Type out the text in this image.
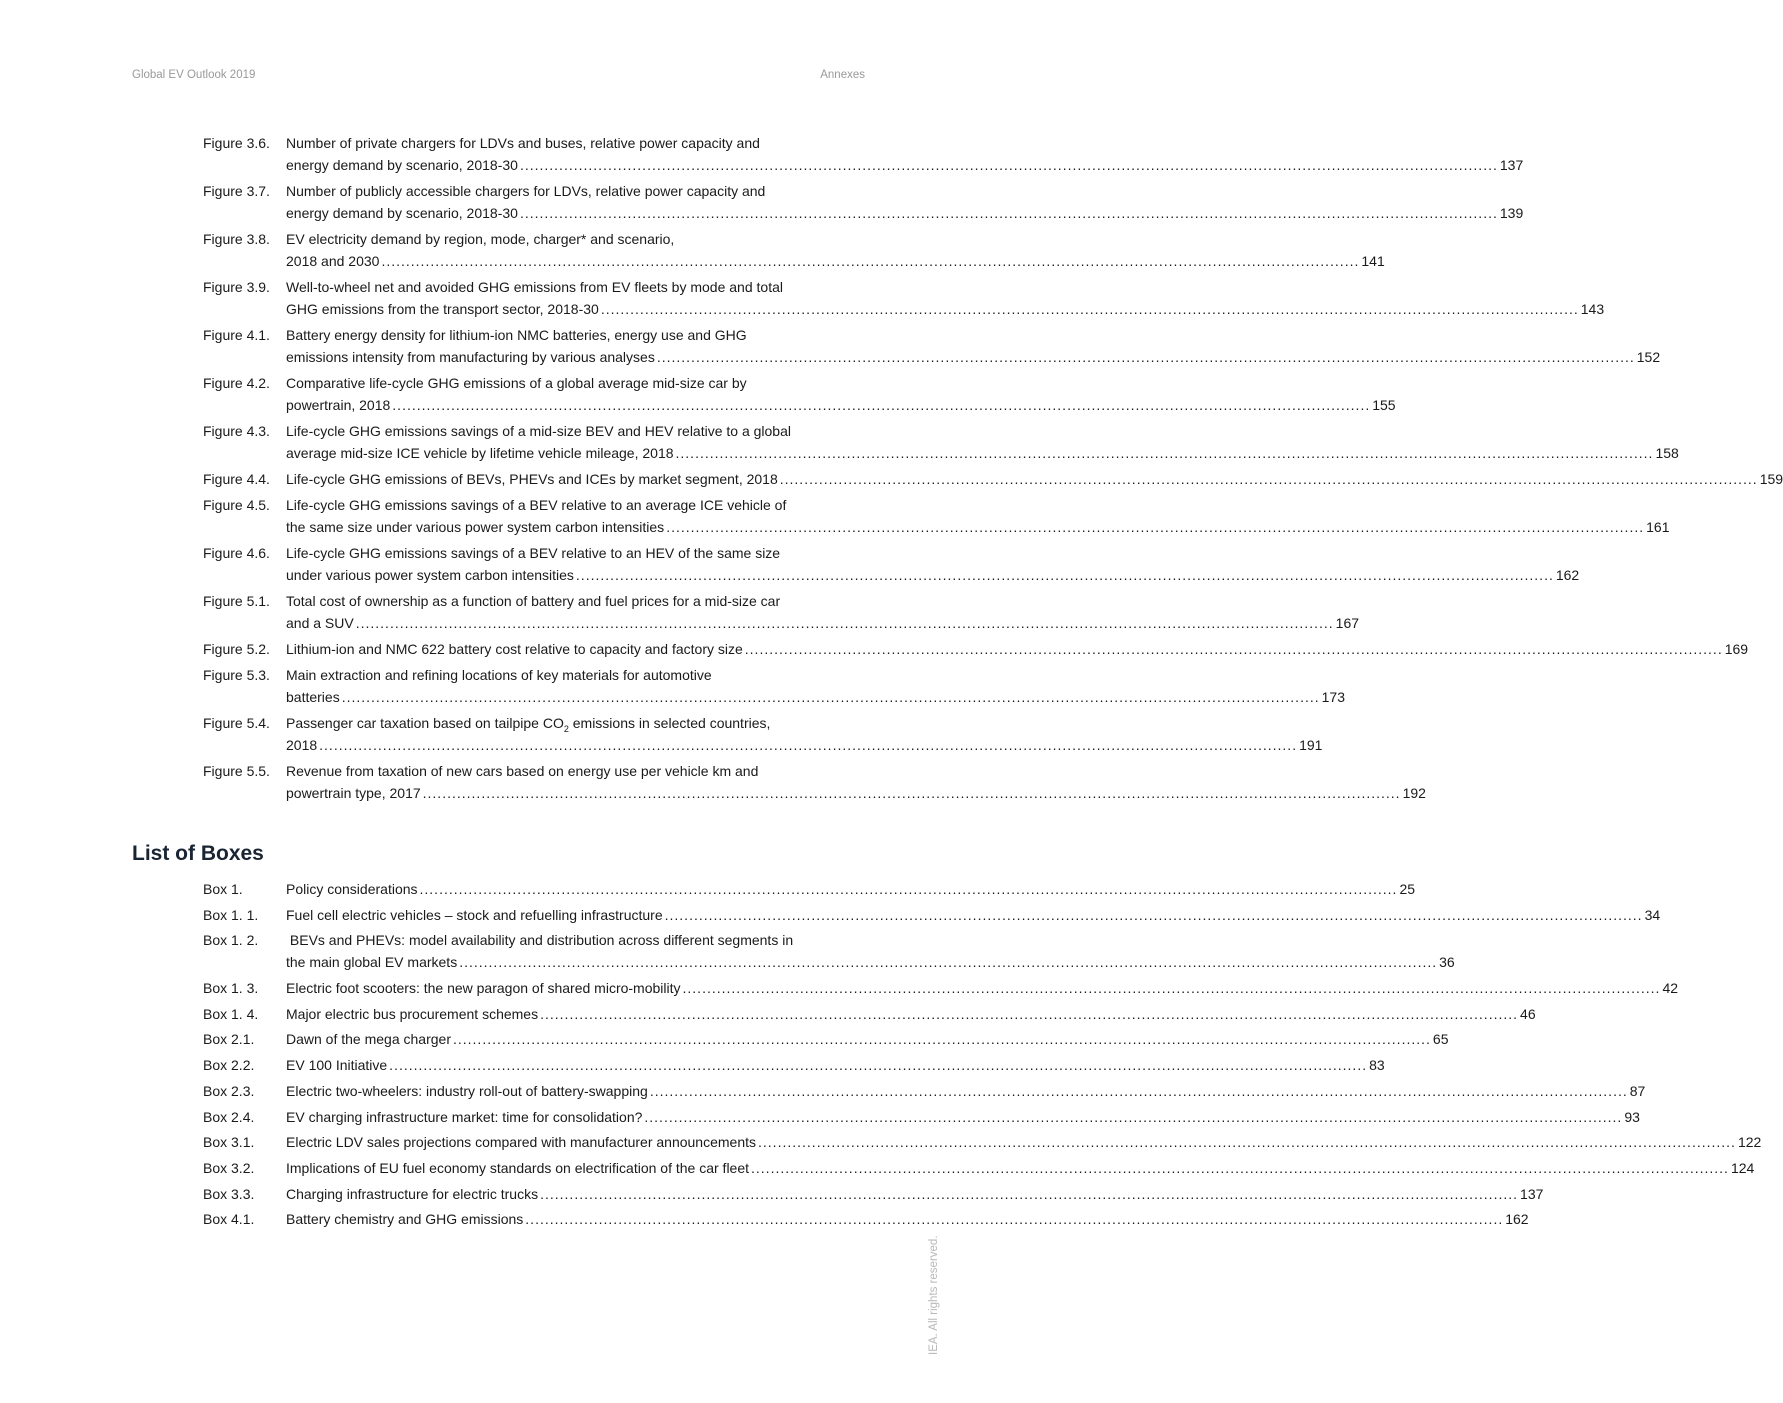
Global EV Outlook 2019	Annexes
Figure 3.6.	Number of private chargers for LDVs and buses, relative power capacity and
energy demand by scenario, 2018-30 ........................................................................................................................................................................................................ 137
Figure 3.7.	Number of publicly accessible chargers for LDVs, relative power capacity and
energy demand by scenario, 2018-30 ........................................................................................................................................................................................................ 139
Figure 3.8.	EV electricity demand by region, mode, charger* and scenario,
2018 and 2030 ........................................................................................................................................................................................................ 141
Figure 3.9.	Well-to-wheel net and avoided GHG emissions from EV fleets by mode and total
GHG emissions from the transport sector, 2018-30 ........................................................................................................................................................................................................ 143
Figure 4.1.	Battery energy density for lithium-ion NMC batteries, energy use and GHG
emissions intensity from manufacturing by various analyses ........................................................................................................................................................................................................ 152
Figure 4.2.	Comparative life-cycle GHG emissions of a global average mid-size car by
powertrain, 2018 ........................................................................................................................................................................................................ 155
Figure 4.3.	Life-cycle GHG emissions savings of a mid-size BEV and HEV relative to a global
average mid-size ICE vehicle by lifetime vehicle mileage, 2018 ........................................................................................................................................................................................................ 158
Figure 4.4.	Life-cycle GHG emissions of BEVs, PHEVs and ICEs by market segment, 2018 ........................................................................................................................................................................................................ 159
Figure 4.5.	Life-cycle GHG emissions savings of a BEV relative to an average ICE vehicle of
the same size under various power system carbon intensities ........................................................................................................................................................................................................ 161
Figure 4.6.	Life-cycle GHG emissions savings of a BEV relative to an HEV of the same size
under various power system carbon intensities ........................................................................................................................................................................................................ 162
Figure 5.1.	Total cost of ownership as a function of battery and fuel prices for a mid-size car
and a SUV ........................................................................................................................................................................................................ 167
Figure 5.2.	Lithium-ion and NMC 622 battery cost relative to capacity and factory size ........................................................................................................................................................................................................ 169
Figure 5.3.	Main extraction and refining locations of key materials for automotive
batteries ........................................................................................................................................................................................................ 173
Figure 5.4.	Passenger car taxation based on tailpipe $CO_2$ emissions in selected countries,
2018 ........................................................................................................................................................................................................ 191
Figure 5.5.	Revenue from taxation of new cars based on energy use per vehicle km and
powertrain type, 2017 ........................................................................................................................................................................................................ 192
List of Boxes
Box 1.	Policy considerations ........................................................................................................................................................................................................ 25
Box 1. 1.	Fuel cell electric vehicles – stock and refuelling infrastructure ........................................................................................................................................................................................................ 34
Box 1. 2.	BEVs and PHEVs: model availability and distribution across different segments in
the main global EV markets ........................................................................................................................................................................................................ 36
Box 1. 3.	Electric foot scooters: the new paragon of shared micro-mobility ........................................................................................................................................................................................................ 42
Box 1. 4.	Major electric bus procurement schemes ........................................................................................................................................................................................................ 46
Box 2.1.	Dawn of the mega charger ........................................................................................................................................................................................................ 65
Box 2.2.	EV 100 Initiative ........................................................................................................................................................................................................ 83
Box 2.3.	Electric two-wheelers: industry roll-out of battery-swapping ........................................................................................................................................................................................................ 87
Box 2.4.	EV charging infrastructure market: time for consolidation? ........................................................................................................................................................................................................ 93
Box 3.1.	Electric LDV sales projections compared with manufacturer announcements ........................................................................................................................................................................................................ 122
Box 3.2.	Implications of EU fuel economy standards on electrification of the car fleet ........................................................................................................................................................................................................ 124
Box 3.3.	Charging infrastructure for electric trucks ........................................................................................................................................................................................................ 137
Box 4.1.	Battery chemistry and GHG emissions ........................................................................................................................................................................................................ 162
IEA. All rights reserved.
